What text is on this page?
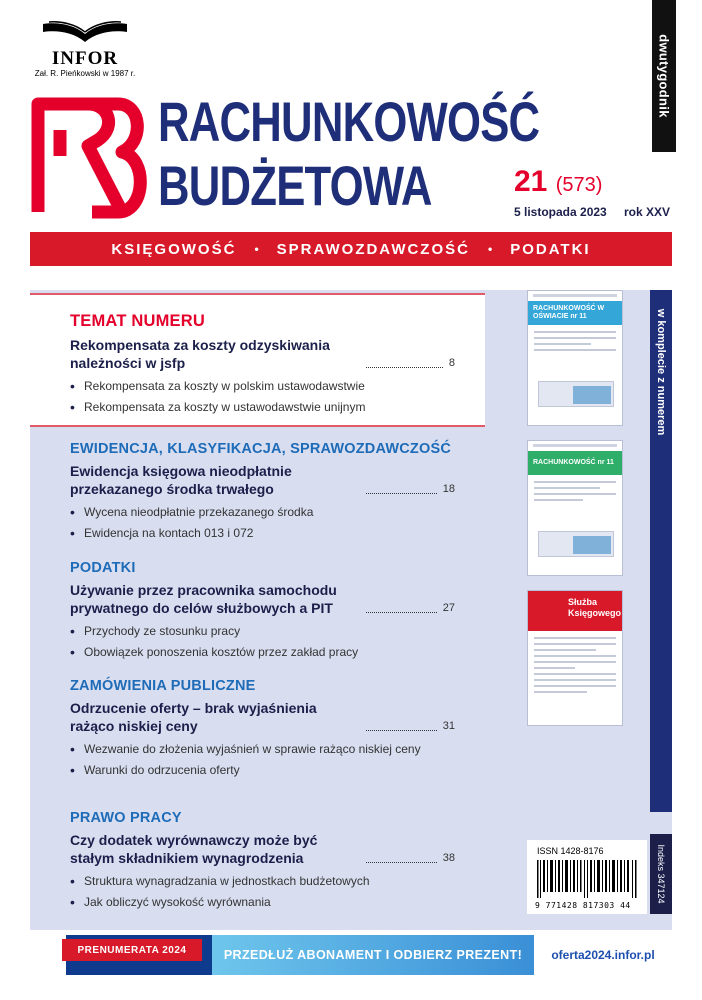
INFOR
Zał. R. Pieńkowski w 1987 r.	dwutygodnik
RACHUNKOWOŚĆ
BUDŻETOWA	21 (573)
5 listopada 2023 rok XXV
KSIĘGOWOŚĆ • SPRAWOZDAWCZOŚĆ • PODATKI
TEMAT NUMERU
Rekompensata za koszty odzyskiwania należności w jsfp	8
• Rekompensata za koszty w polskim ustawodawstwie
• Rekompensata za koszty w ustawodawstwie unijnym
EWIDENCJA, KLASYFIKACJA, SPRAWOZDAWCZOŚĆ
Ewidencja księgowa nieodpłatnie przekazanego środka trwałego	18
• Wycena nieodpłatnie przekazanego środka
• Ewidencja na kontach 013 i 072
PODATKI
Używanie przez pracownika samochodu prywatnego do celów służbowych a PIT	27
• Przychody ze stosunku pracy
• Obowiązek ponoszenia kosztów przez zakład pracy
ZAMÓWIENIA PUBLICZNE
Odrzucenie oferty – brak wyjaśnienia rażąco niskiej ceny	31
• Wezwanie do złożenia wyjaśnień w sprawie rażąco niskiej ceny
• Warunki do odrzucenia oferty
PRAWO PRACY
Czy dodatek wyrównawczy może być stałym składnikiem wynagrodzenia	38
• Struktura wynagradzania w jednostkach budżetowych
• Jak obliczyć wysokość wyrównania
RACHUNKOWOŚĆ W OŚWIACIE nr 11
RACHUNKOWOŚĆ nr 11
Służba Księgowego
w komplecie z numerem
ISSN 1428-8176
9 771428 817303 44
Indeks 347124
PRENUMERATA 2024	PRZEDŁUŻ ABONAMENT I ODBIERZ PREZENT!	oferta2024.infor.pl
